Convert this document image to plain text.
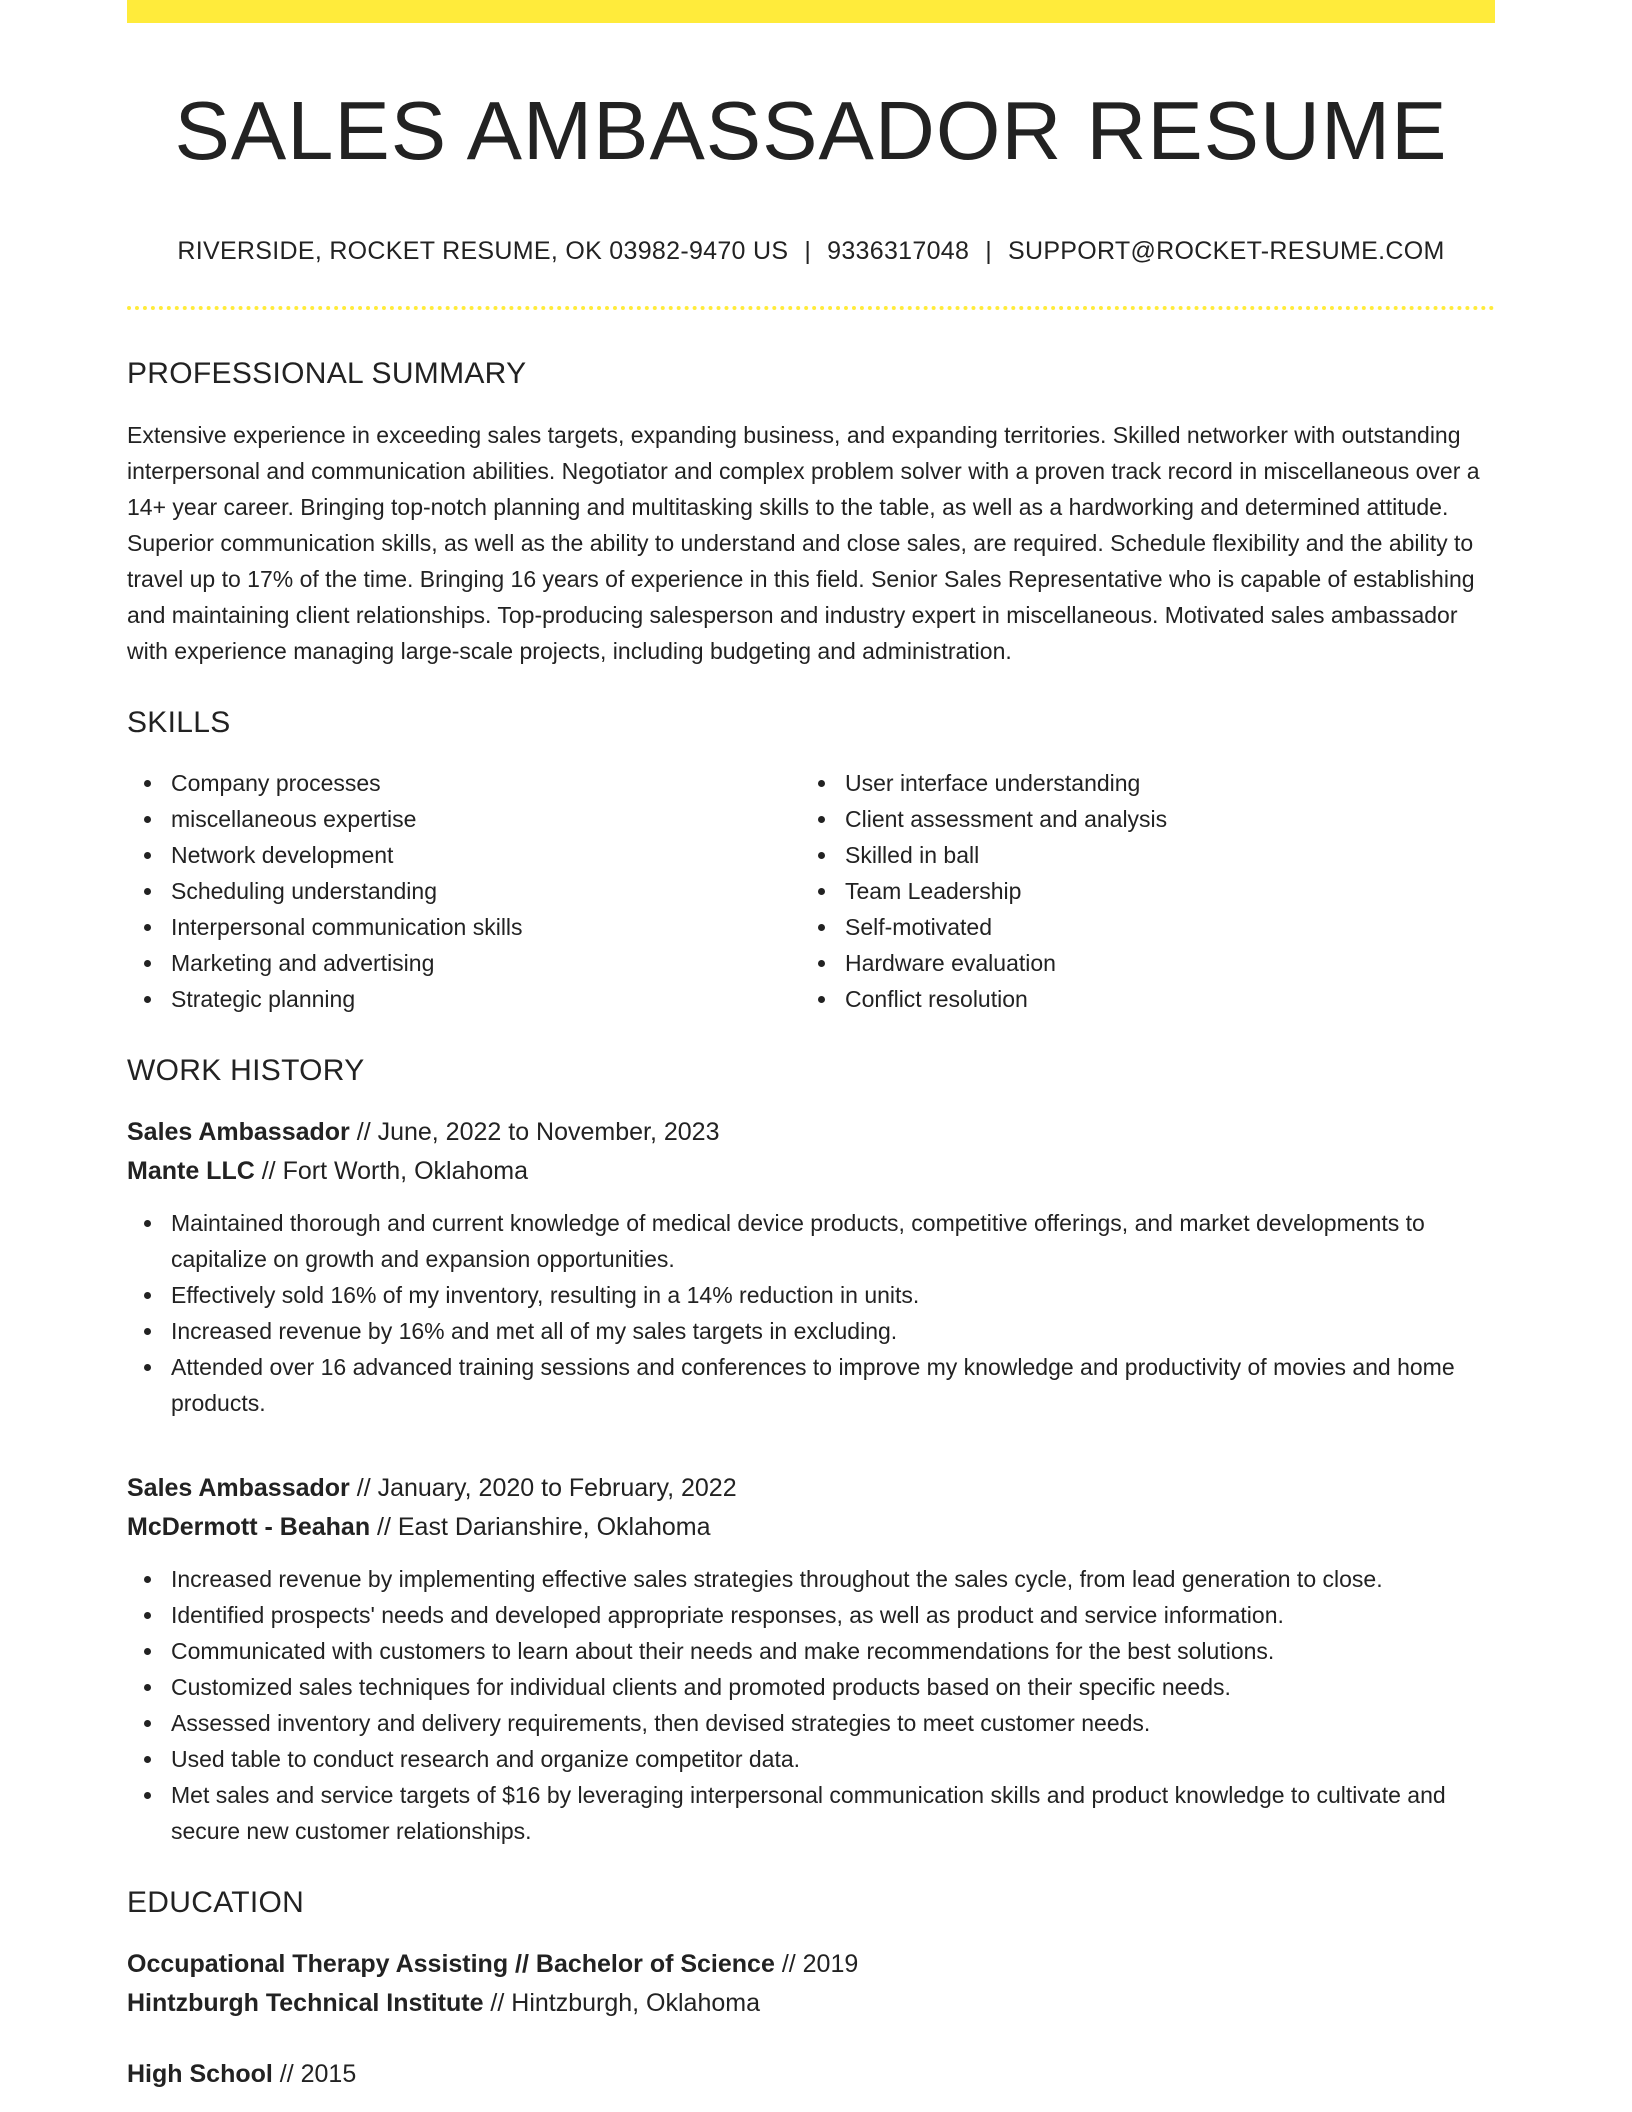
SALES AMBASSADOR RESUME
RIVERSIDE, ROCKET RESUME, OK 03982-9470 US | 9336317048 | SUPPORT@ROCKET-RESUME.COM
PROFESSIONAL SUMMARY

Extensive experience in exceeding sales targets, expanding business, and expanding territories. Skilled networker with outstanding interpersonal and communication abilities. Negotiator and complex problem solver with a proven track record in miscellaneous over a 14+ year career. Bringing top-notch planning and multitasking skills to the table, as well as a hardworking and determined attitude. Superior communication skills, as well as the ability to understand and close sales, are required. Schedule flexibility and the ability to travel up to 17% of the time. Bringing 16 years of experience in this field. Senior Sales Representative who is capable of establishing and maintaining client relationships. Top-producing salesperson and industry expert in miscellaneous. Motivated sales ambassador with experience managing large-scale projects, including budgeting and administration.

SKILLS
Company processes
miscellaneous expertise
Network development
Scheduling understanding
Interpersonal communication skills
Marketing and advertising
Strategic planning
User interface understanding
Client assessment and analysis
Skilled in ball
Team Leadership
Self-motivated
Hardware evaluation
Conflict resolution
WORK HISTORY
Sales Ambassador // June, 2022 to November, 2023
Mante LLC // Fort Worth, Oklahoma
Maintained thorough and current knowledge of medical device products, competitive offerings, and market developments to capitalize on growth and expansion opportunities.
Effectively sold 16% of my inventory, resulting in a 14% reduction in units.
Increased revenue by 16% and met all of my sales targets in excluding.
Attended over 16 advanced training sessions and conferences to improve my knowledge and productivity of movies and home products.
Sales Ambassador // January, 2020 to February, 2022
McDermott - Beahan // East Darianshire, Oklahoma
Increased revenue by implementing effective sales strategies throughout the sales cycle, from lead generation to close.
Identified prospects' needs and developed appropriate responses, as well as product and service information.
Communicated with customers to learn about their needs and make recommendations for the best solutions.
Customized sales techniques for individual clients and promoted products based on their specific needs.
Assessed inventory and delivery requirements, then devised strategies to meet customer needs.
Used table to conduct research and organize competitor data.
Met sales and service targets of $16 by leveraging interpersonal communication skills and product knowledge to cultivate and secure new customer relationships.
EDUCATION
Occupational Therapy Assisting // Bachelor of Science // 2019
Hintzburgh Technical Institute // Hintzburgh, Oklahoma
High School // 2015
